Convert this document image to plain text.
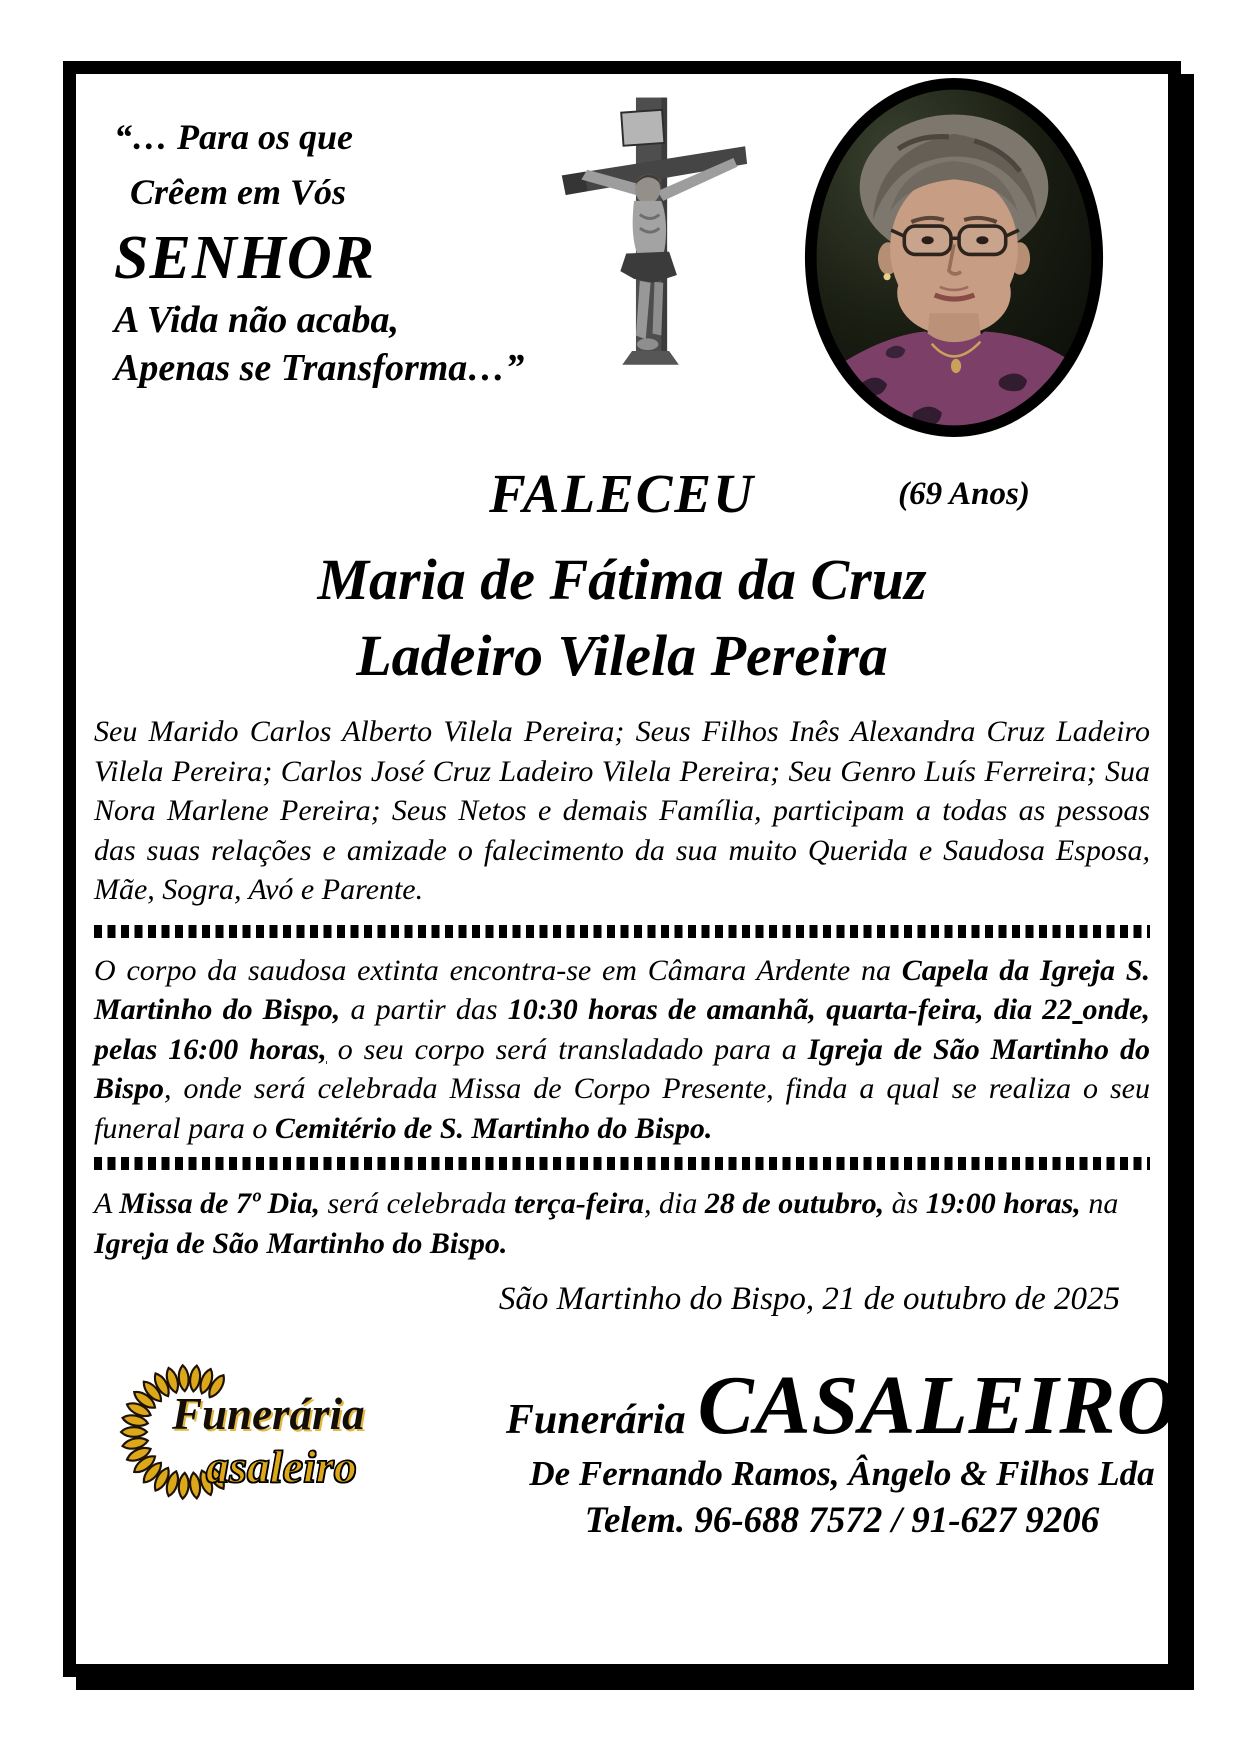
“… Para os que
Crêem em Vós
SENHOR
A Vida não acaba,
Apenas se Transforma…”
(69 Anos)
FALECEU
Maria de Fátima da Cruz
Ladeiro Vilela Pereira

Seu Marido Carlos Alberto Vilela Pereira; Seus Filhos Inês Alexandra Cruz Ladeiro Vilela Pereira; Carlos José Cruz Ladeiro Vilela Pereira; Seu Genro Luís Ferreira; Sua Nora Marlene Pereira; Seus Netos e demais Família, participam a todas as pessoas das suas relações e amizade o falecimento da sua muito Querida e Saudosa Esposa, Mãe, Sogra, Avó e Parente.

O corpo da saudosa extinta encontra-se em Câmara Ardente na Capela da Igreja S. Martinho do Bispo, a partir das 10:30 horas de amanhã, quarta-feira, dia 22 onde, pelas 16:00 horas, o seu corpo será transladado para a Igreja de São Martinho do Bispo, onde será celebrada Missa de Corpo Presente, finda a qual se realiza o seu funeral para o Cemitério de S. Martinho do Bispo.

A Missa de 7º Dia, será celebrada terça-feira, dia 28 de outubro, às 19:00 horas, na Igreja de São Martinho do Bispo.

São Martinho do Bispo, 21 de outubro de 2025
Funerária
asaleiro
Funerária CASALEIRO
De Fernando Ramos, Ângelo & Filhos Lda
Telem. 96-688 7572 / 91-627 9206
